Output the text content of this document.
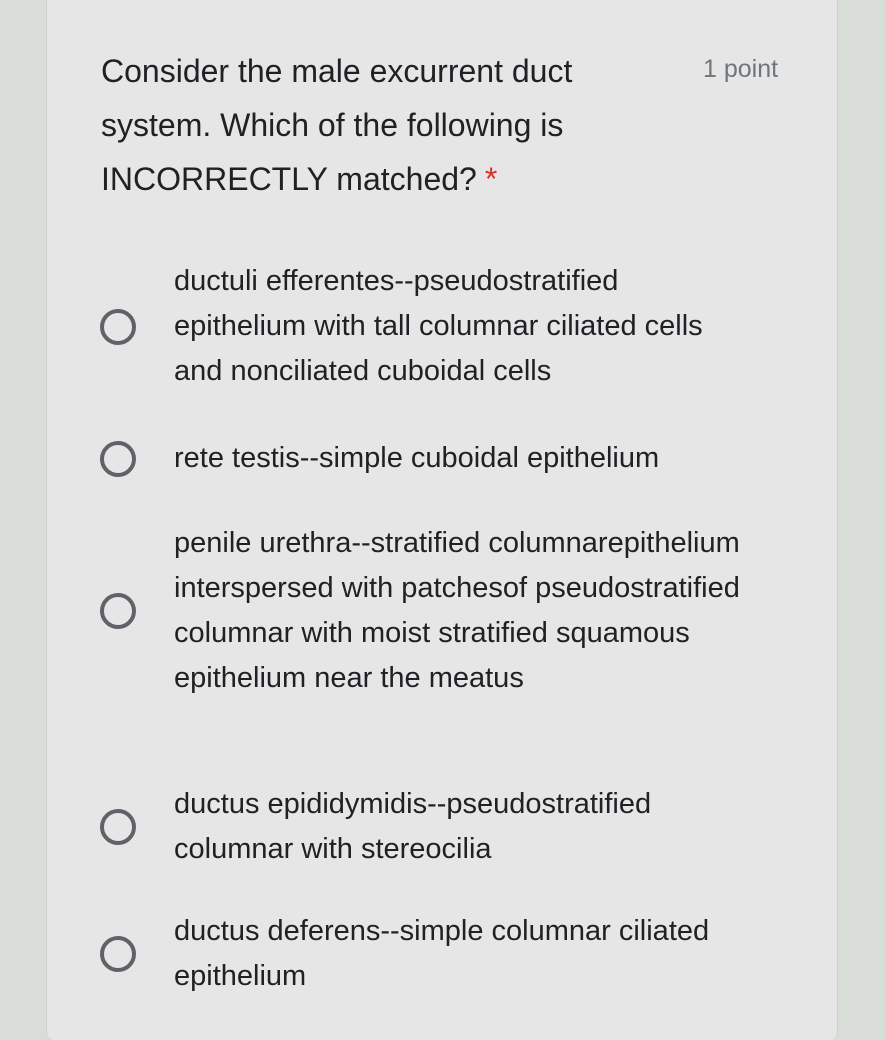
Consider the male excurrent duct system. Which of the following is INCORRECTLY matched? *
1 point
ductuli efferentes--pseudostratified epithelium with tall columnar ciliated cells and nonciliated cuboidal cells
rete testis--simple cuboidal epithelium
penile urethra--stratified columnarepithelium interspersed with patchesof pseudostratified columnar with moist stratified squamous epithelium near the meatus
ductus epididymidis--pseudostratified columnar with stereocilia
ductus deferens--simple columnar ciliated epithelium
